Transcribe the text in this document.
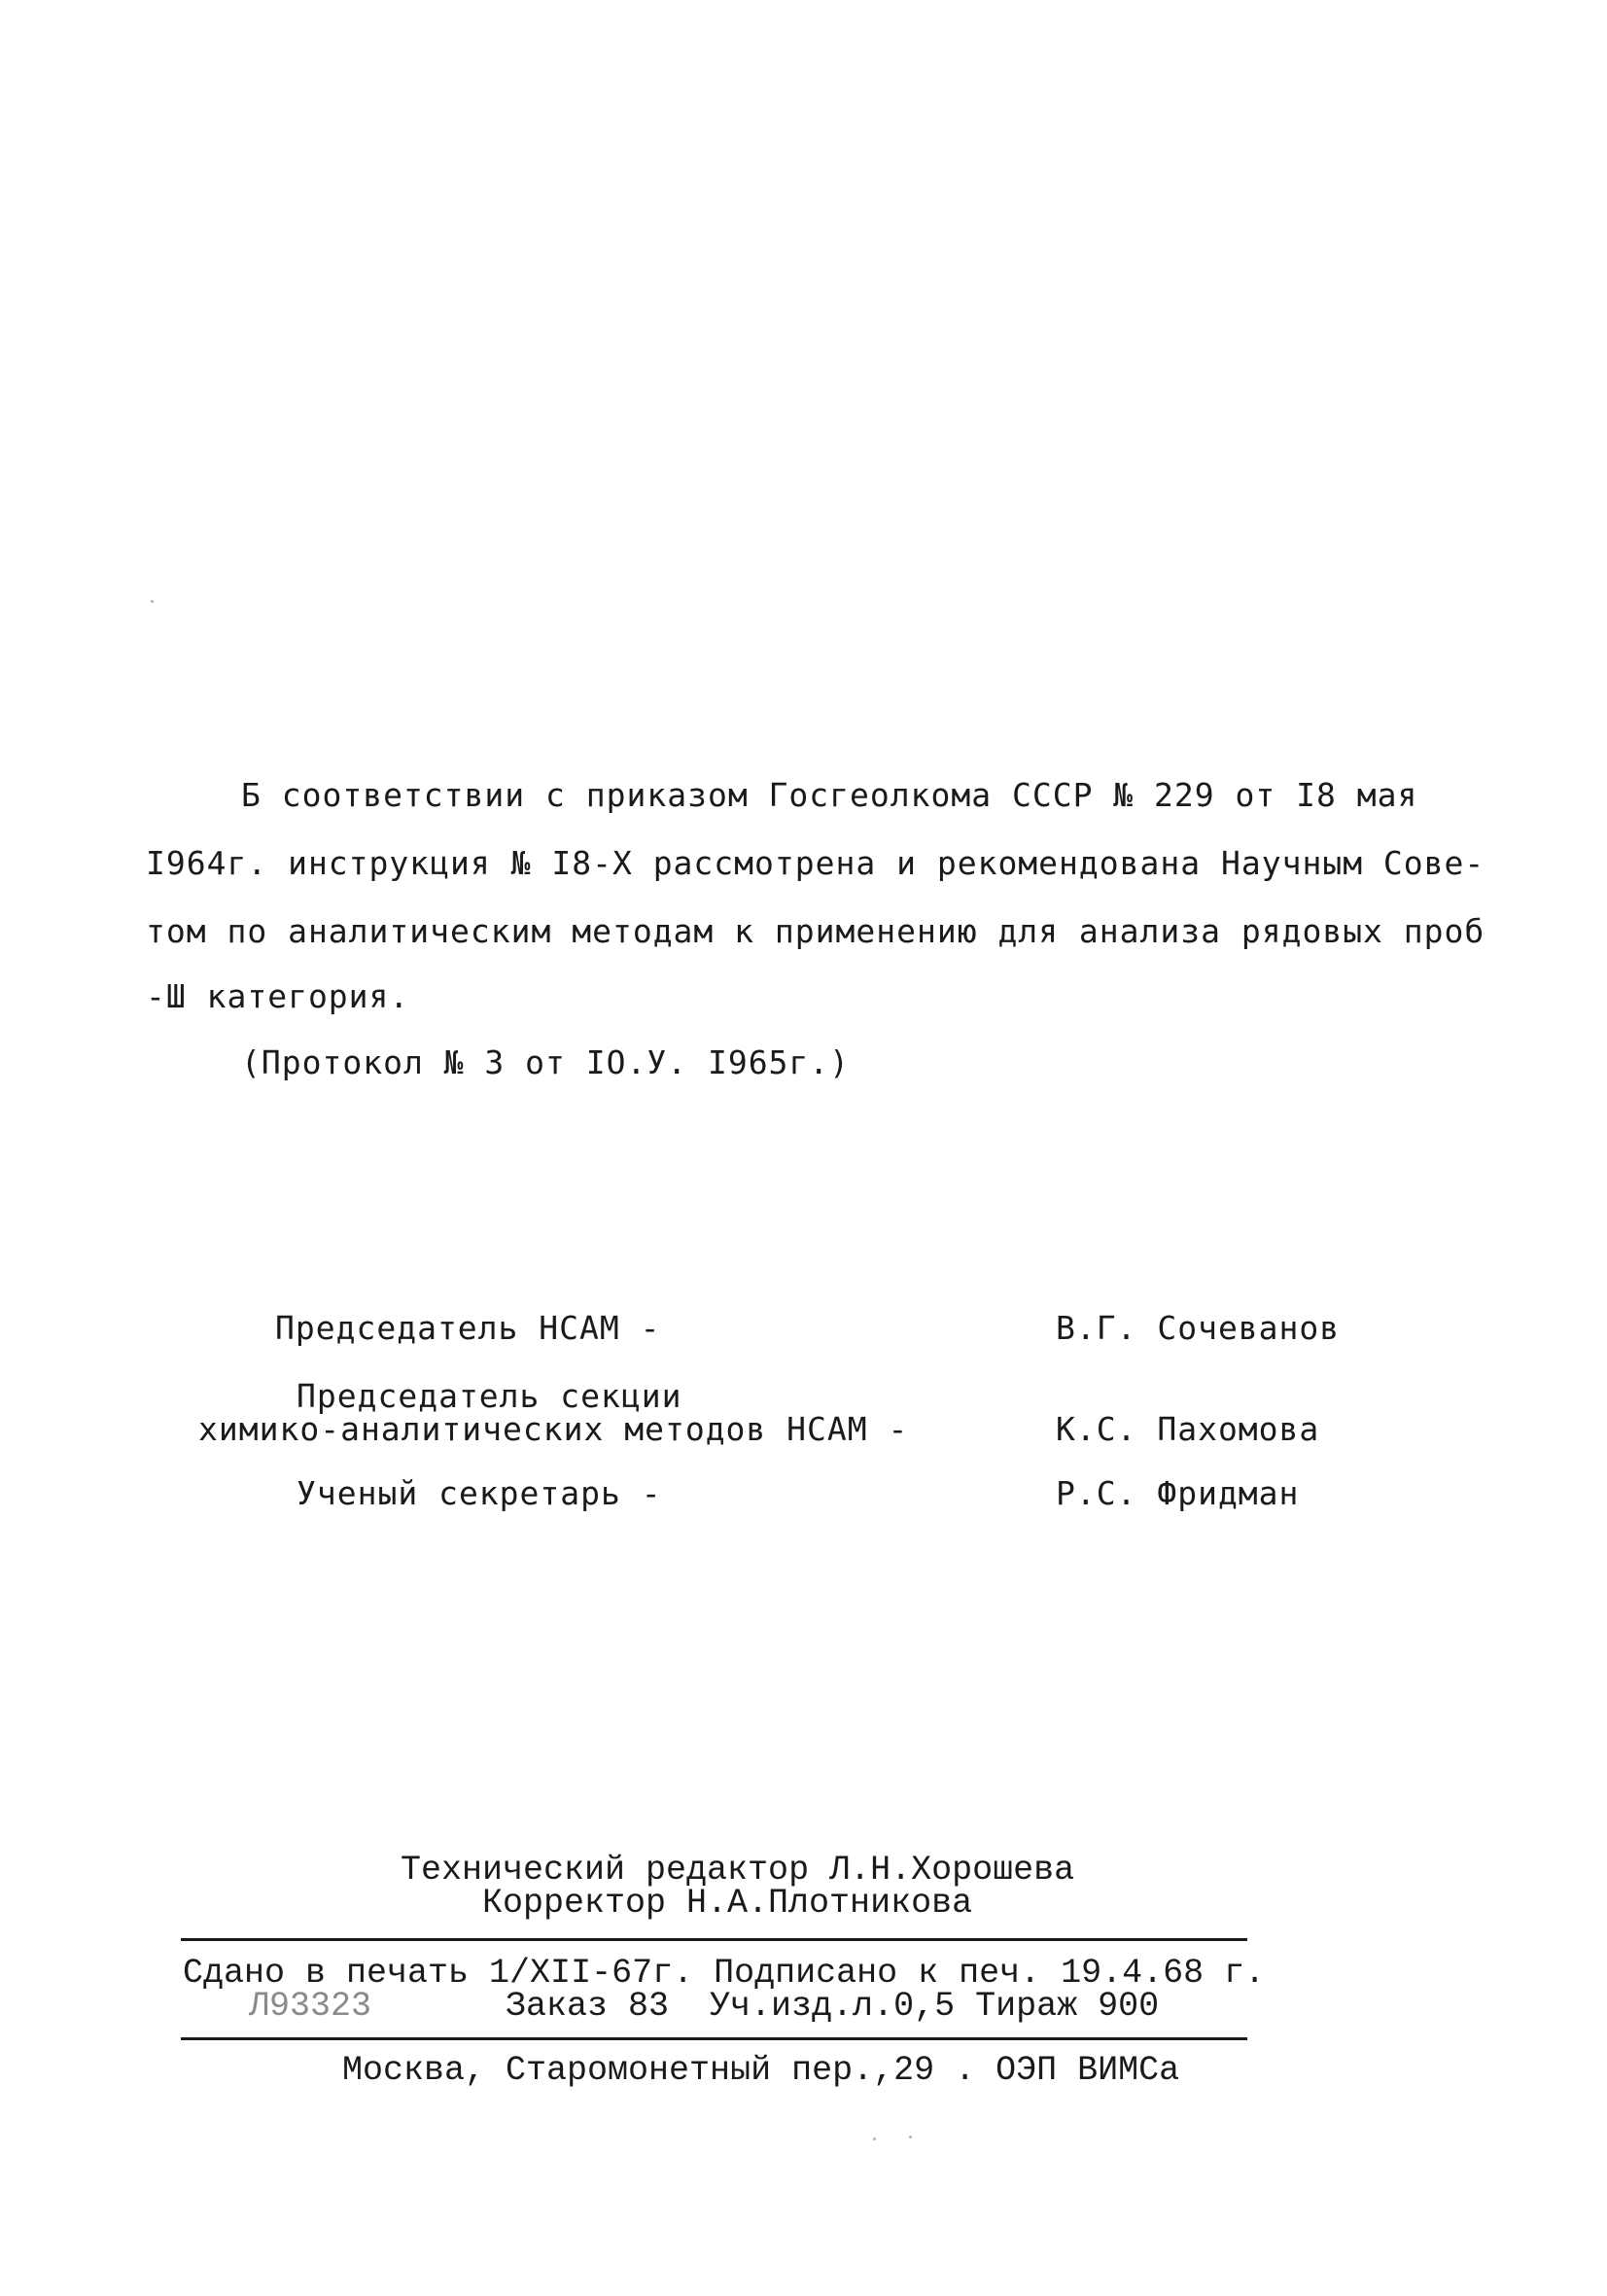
Б соответствии с приказом Госгеолкома СССР № 229 от I8 мая
I964г. инструкция № I8-Х рассмотрена и рекомендована Научным Сове-
том по аналитическим методам к применению для анализа рядовых проб
-Ш категория.
(Протокол № 3 от IO.У. I965г.)
Председатель НСАМ -	В.Г. Сочеванов
Председатель секции
химико-аналитических методов НСАМ -	К.С. Пахомова
Ученый секретарь -	Р.С. Фридман
Технический редактор Л.Н.Хорошева
Корректор Н.А.Плотникова
Сдано в печать 1/XII-67г. Подписано к печ. 19.4.68 г.
Л93323	Заказ 83  Уч.изд.л.0,5 Тираж 900
Москва, Старомонетный пер.,29 . ОЭП ВИМСа
